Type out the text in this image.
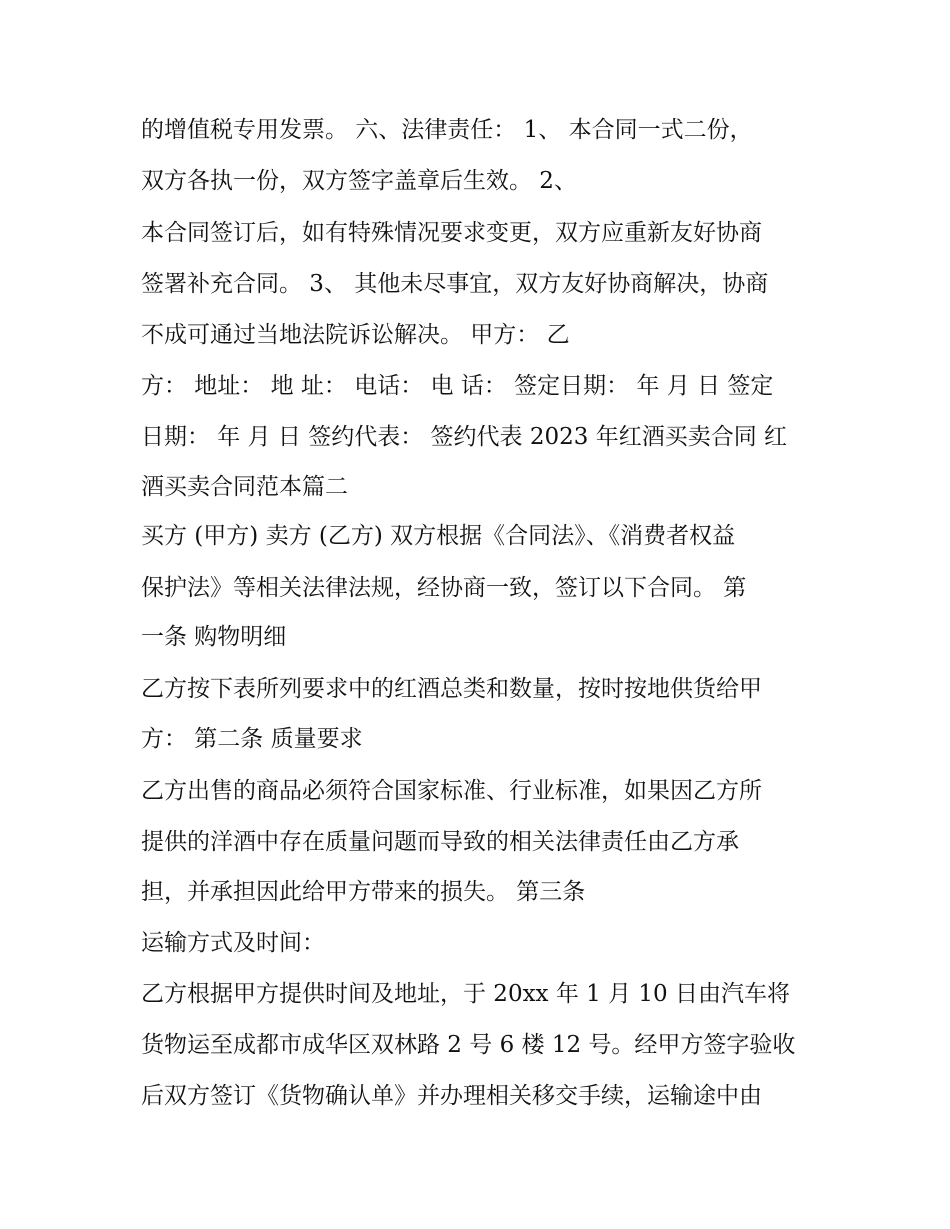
的增值税专用发票。 六、法律责任： 1、 本合同一式二份，
双方各执一份，双方签字盖章后生效。 2、
本合同签订后，如有特殊情况要求变更，双方应重新友好协商
签署补充合同。 3、 其他未尽事宜，双方友好协商解决，协商
不成可通过当地法院诉讼解决。 甲方： 乙
方： 地址： 地 址： 电话： 电 话： 签定日期： 年 月 日 签定
日期： 年 月 日 签约代表： 签约代表 2023 年红酒买卖合同 红
酒买卖合同范本篇二
买方 (甲方) 卖方 (乙方) 双方根据《合同法》、《消费者权益
保护法》等相关法律法规，经协商一致，签订以下合同。 第
一条 购物明细
乙方按下表所列要求中的红酒总类和数量，按时按地供货给甲
方： 第二条 质量要求
乙方出售的商品必须符合国家标准、行业标准，如果因乙方所
提供的洋酒中存在质量问题而导致的相关法律责任由乙方承
担，并承担因此给甲方带来的损失。 第三条
运输方式及时间：
乙方根据甲方提供时间及地址，于 20xx 年 1 月 10 日由汽车将
货物运至成都市成华区双林路 2 号 6 楼 12 号。经甲方签字验收
后双方签订《货物确认单》并办理相关移交手续，运输途中由
